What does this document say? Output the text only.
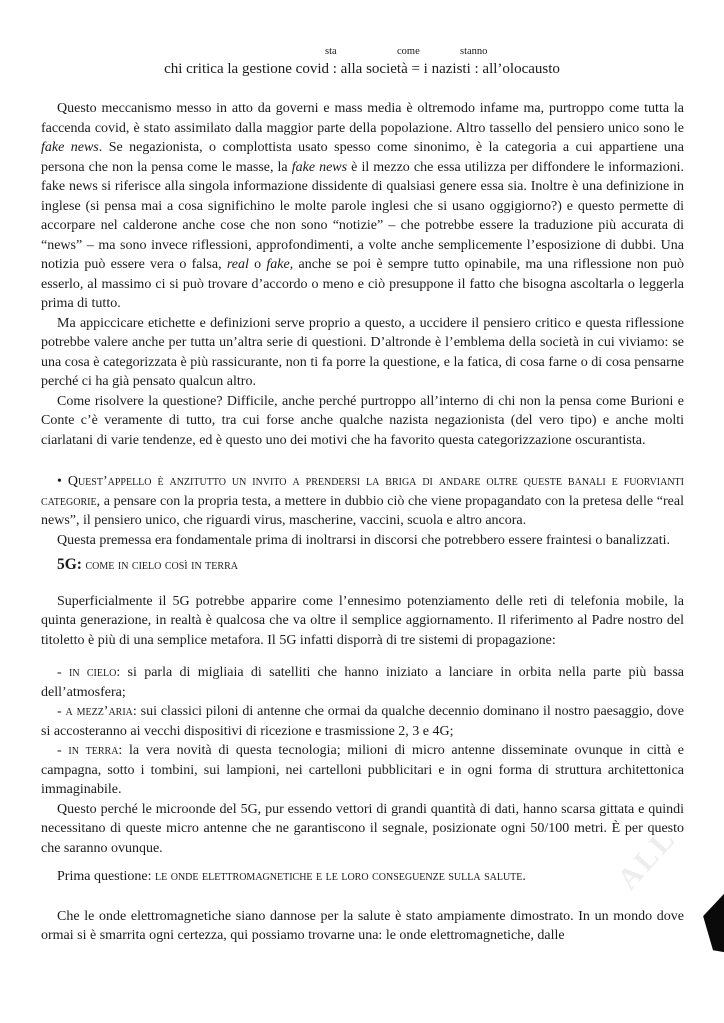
sta	come	stanno
chi critica la gestione covid : alla società = i nazisti : all’olocausto

Questo meccanismo messo in atto da governi e mass media è oltremodo infame ma, purtroppo come tutta la faccenda covid, è stato assimilato dalla maggior parte della popolazione. Altro tassello del pensiero unico sono le fake news. Se negazionista, o complottista usato spesso come sinonimo, è la categoria a cui appartiene una persona che non la pensa come le masse, la fake news è il mezzo che essa utilizza per diffondere le informazioni. fake news si riferisce alla singola informazione dissidente di qualsiasi genere essa sia. Inoltre è una definizione in inglese (si pensa mai a cosa significhino le molte parole inglesi che si usano oggigiorno?) e questo permette di accorpare nel calderone anche cose che non sono “notizie” – che potrebbe essere la traduzione più accurata di “news” – ma sono invece riflessioni, approfondimenti, a volte anche semplicemente l’esposizione di dubbi. Una notizia può essere vera o falsa, real o fake, anche se poi è sempre tutto opinabile, ma una riflessione non può esserlo, al massimo ci si può trovare d’accordo o meno e ciò presuppone il fatto che bisogna ascoltarla o leggerla prima di tutto.

Ma appiccicare etichette e definizioni serve proprio a questo, a uccidere il pensiero critico e questa riflessione potrebbe valere anche per tutta un’altra serie di questioni. D’altronde è l’emblema della società in cui viviamo: se una cosa è categorizzata è più rassicurante, non ti fa porre la questione, e la fatica, di cosa farne o di cosa pensarne perché ci ha già pensato qualcun altro.

Come risolvere la questione? Difficile, anche perché purtroppo all’interno di chi non la pensa come Burioni e Conte c’è veramente di tutto, tra cui forse anche qualche nazista negazionista (del vero tipo) e anche molti ciarlatani di varie tendenze, ed è questo uno dei motivi che ha favorito questa categorizzazione oscurantista.

• Quest’appello è anzitutto un invito a prendersi la briga di andare oltre queste banali e fuorvianti categorie, a pensare con la propria testa, a mettere in dubbio ciò che viene propagandato con la pretesa delle “real news”, il pensiero unico, che riguardi virus, mascherine, vaccini, scuola e altro ancora.

Questa premessa era fondamentale prima di inoltrarsi in discorsi che potrebbero essere fraintesi o banalizzati.

5G: come in cielo così in terra

Superficialmente il 5G potrebbe apparire come l’ennesimo potenziamento delle reti di telefonia mobile, la quinta generazione, in realtà è qualcosa che va oltre il semplice aggiornamento. Il riferimento al Padre nostro del titoletto è più di una semplice metafora. Il 5G infatti disporrà di tre sistemi di propagazione:

- in cielo: si parla di migliaia di satelliti che hanno iniziato a lanciare in orbita nella parte più bassa dell’atmosfera;

- a mezz’aria: sui classici piloni di antenne che ormai da qualche decennio dominano il nostro paesaggio, dove si accosteranno ai vecchi dispositivi di ricezione e trasmissione 2, 3 e 4G;

- in terra: la vera novità di questa tecnologia; milioni di micro antenne disseminate ovunque in città e campagna, sotto i tombini, sui lampioni, nei cartelloni pubblicitari e in ogni forma di struttura architettonica immaginabile.

Questo perché le microonde del 5G, pur essendo vettori di grandi quantità di dati, hanno scarsa gittata e quindi necessitano di queste micro antenne che ne garantiscono il segnale, posizionate ogni 50/100 metri. È per questo che saranno ovunque.

Prima questione: le onde elettromagnetiche e le loro conseguenze sulla salute.

Che le onde elettromagnetiche siano dannose per la salute è stato ampiamente dimostrato. In un mondo dove ormai si è smarrita ogni certezza, qui possiamo trovarne una: le onde elettromagnetiche, dalle

ALL
